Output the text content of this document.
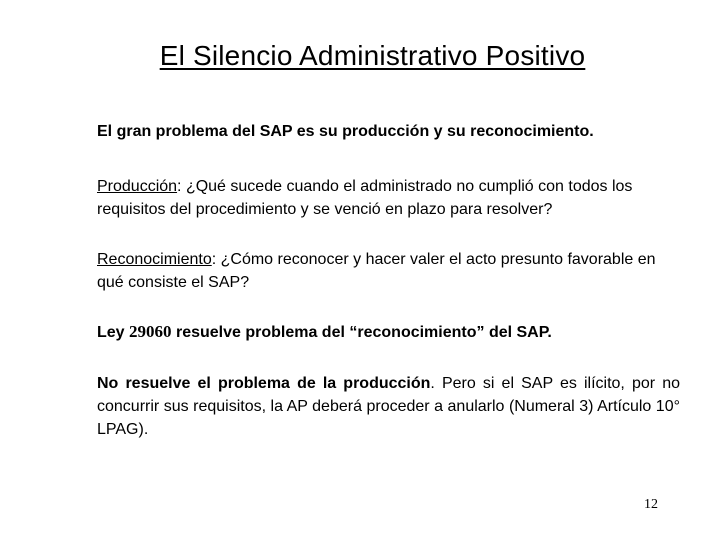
El Silencio Administrativo Positivo
El gran problema del SAP es su producción y su reconocimiento.
Producción: ¿Qué sucede cuando el administrado no cumplió con todos los requisitos del procedimiento y se venció en plazo para resolver?
Reconocimiento: ¿Cómo reconocer y hacer valer el acto presunto favorable en qué consiste el SAP?
Ley 29060 resuelve problema del “reconocimiento” del SAP.
No resuelve el problema de la producción. Pero si el SAP es ilícito, por no concurrir sus requisitos, la AP deberá proceder a anularlo (Numeral 3) Artículo 10° LPAG).
12
